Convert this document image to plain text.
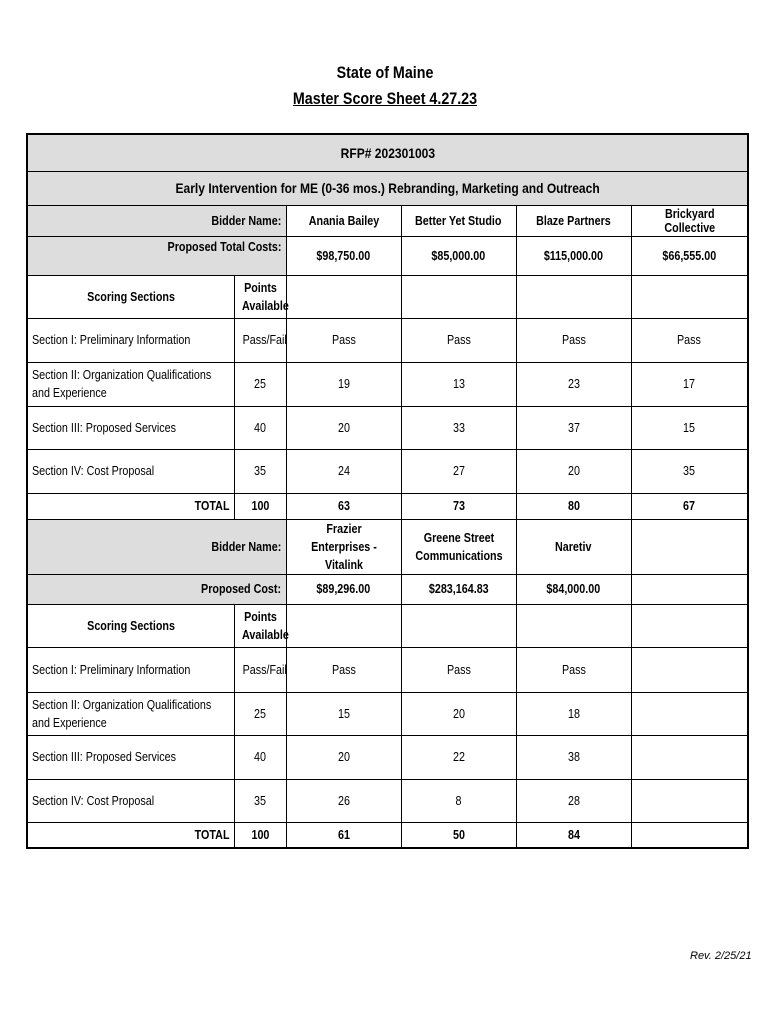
State of Maine
Master Score Sheet 4.27.23
RFP# 202301003					
Early Intervention for ME (0-36 mos.) Rebranding, Marketing and Outreach					
Bidder Name:		Anania Bailey	Better Yet Studio	Blaze Partners	Brickyard Collective
Proposed Total Costs:		$98,750.00	$85,000.00	$115,000.00	$66,555.00
Scoring Sections	Points Available				

Section I: Preliminary Information	Pass/Fail	Pass	Pass	Pass	Pass

Section II: Organization Qualifications and Experience	25	19	13	23	17
Section III: Proposed Services	40	20	33	37	15
Section IV: Cost Proposal	35	24	27	20	35
TOTAL	100	63	73	80	67
Bidder Name:		Frazier Enterprises - Vitalink	Greene Street Communications	Naretiv	
Proposed Cost:		$89,296.00	$283,164.83	$84,000.00	
Scoring Sections	Points Available				

Section I: Preliminary Information	Pass/Fail	Pass	Pass	Pass	

Section II: Organization Qualifications and Experience	25	15	20	18	
Section III: Proposed Services	40	20	22	38	
Section IV: Cost Proposal	35	26	8	28	
TOTAL	100	61	50	84	
Rev. 2/25/21
